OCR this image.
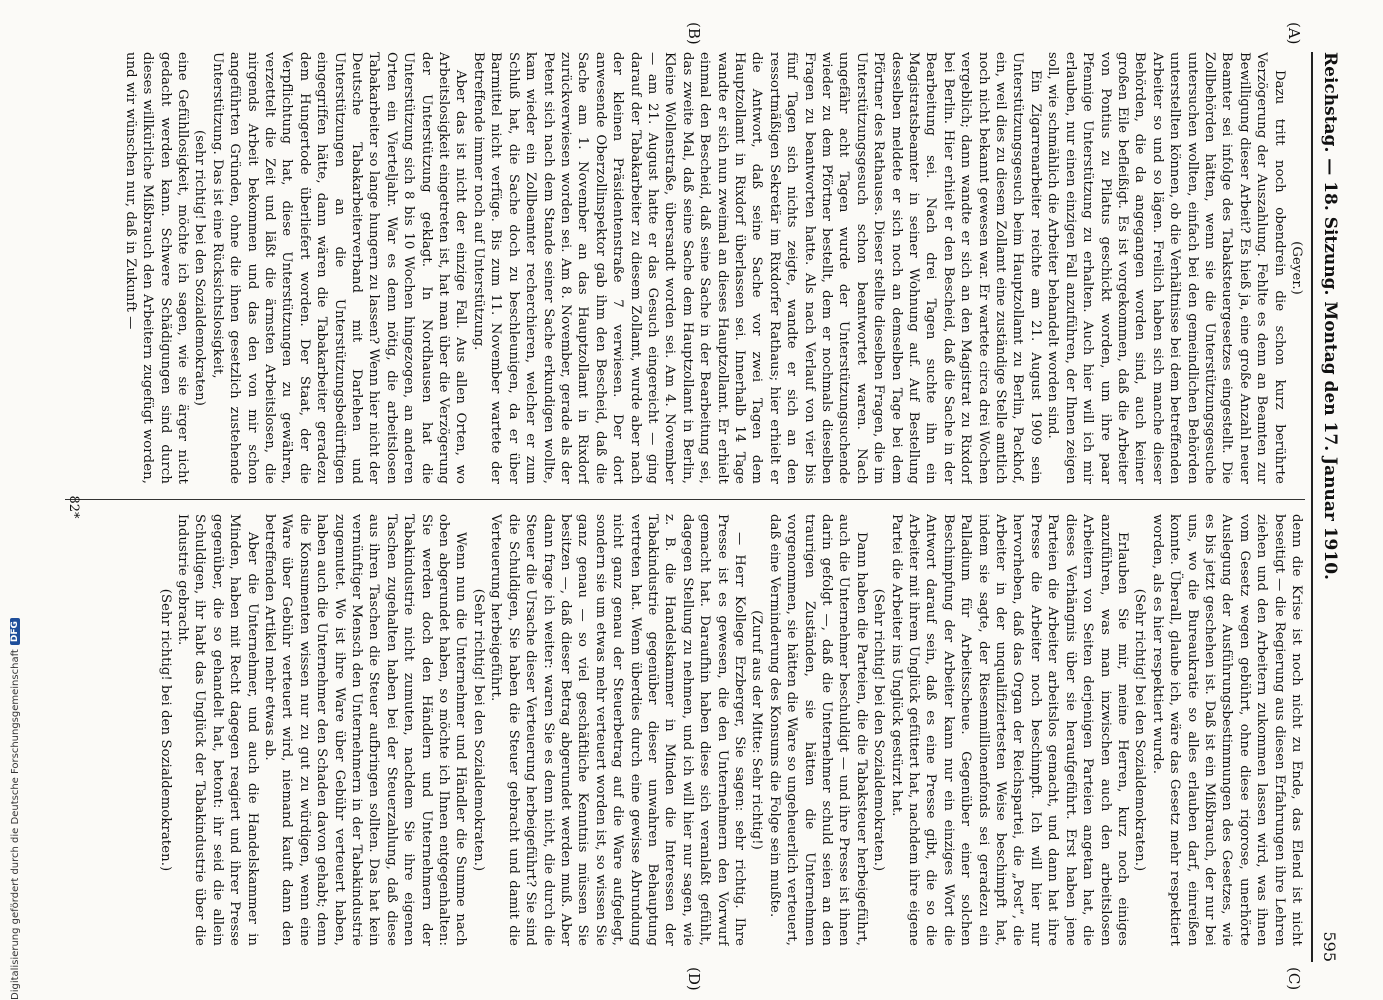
Reichstag. — 18. Sitzung. Montag den 17. Januar 1910.
595

(Geyer.)

Dazu tritt noch obendrein die schon kurz berührte Verzögerung der Auszahlung. Fehlte es denn an Beamten zur Bewilligung dieser Arbeit? Es hieß ja, eine große Anzahl neuer Beamter sei infolge des Tabaksteuergesetzes eingestellt. Die Zollbehörden hätten, wenn sie die Unterstützungsgesuche untersuchen wollten, einfach bei den gemeindlichen Behörden unterstellten können, ob die Verhältnisse bei dem betreffenden Arbeiter so und so lägen. Freilich haben sich manche dieser Behörden, die da angegangen worden sind, auch keiner großen Eile befleißigt. Es ist vorgekommen, daß die Arbeiter von Pontius zu Pilatus geschickt worden, um ihre paar Pfennige Unterstützung zu erhalten. Auch hier will ich mir erlauben, nur einen einzigen Fall anzuführen, der Ihnen zeigen soll, wie schmählich die Arbeiter behandelt worden sind.

Ein Zigarrenarbeiter reichte am 21. August 1909 sein Unterstützungsgesuch beim Hauptzollamt zu Berlin, Packhof, ein, weil dies zu diesem Zollamt eine zuständige Stelle amtlich noch nicht bekannt gewesen war. Er wartete circa drei Wochen vergeblich; dann wandte er sich an den Magistrat zu Rixdorf bei Berlin. Hier erhielt er den Bescheid, daß die Sache in der Bearbeitung sei. Nach drei Tagen suchte ihn ein Magistratsbeamter in seiner Wohnung auf. Auf Bestellung desselben meldete er sich noch an demselben Tage bei dem Pförtner des Rathauses. Dieser stellte dieselben Fragen, die im Unterstützungsgesuch schon beantwortet waren. Nach ungefähr acht Tagen wurde der Unterstützungsuchende wieder zu dem Pförtner bestellt, dem er nochmals dieselben Fragen zu beantworten hatte. Als nach Verlauf von vier bis fünf Tagen sich nichts zeigte, wandte er sich an den ressortmäßigen Sekretär im Rixdorfer Rathaus; hier erhielt er die Antwort, daß seine Sache vor zwei Tagen dem Hauptzollamt in Rixdorf überlassen sei. Innerhalb 14 Tage wandte er sich nun zweimal an dieses Hauptzollamt. Er erhielt einmal den Bescheid, daß seine Sache in der Bearbeitung sei, das zweite Mal, daß seine Sache dem Hauptzollamt in Berlin, Kleine Wollenstraße, übersandt worden sei. Am 4. November — am 21. August hatte er das Gesuch eingereicht — ging darauf der Tabakarbeiter zu diesem Zollamt, wurde aber nach der kleinen Präsidentenstraße 7 verwiesen. Der dort anwesende Oberzollinspektor gab ihm den Bescheid, daß die Sache am 1. November an das Hauptzollamt in Rixdorf zurückverwiesen worden sei. Am 8. November, gerade als der Petent sich nach dem Stande seiner Sache erkundigen wollte, kam wieder ein Zollbeamter recherchieren, welcher er zum Schluß hat, die Sache doch zu beschleunigen, da er über Barmittel nicht verfüge. Bis zum 11. November wartete der Betreffende immer noch auf Unterstützung.

Aber das ist nicht der einzige Fall. Aus allen Orten, wo Arbeitslosigkeit eingetreten ist, hat man über die Verzögerung der Unterstützung geklagt. In Nordhausen hat die Unterstützung sich 8 bis 10 Wochen hingezogen, an anderen Orten ein Vierteljahr. War es denn nötig, die arbeitslosen Tabakarbeiter so lange hungern zu lassen? Wenn hier nicht der Deutsche Tabakarbeiterverband mit Darlehen und Unterstützungen an die Unterstützungsbedürftigen eingegriffen hätte, dann wären die Tabakarbeiter geradezu dem Hungertode überliefert worden. Der Staat, der die Verpflichtung hat, diese Unterstützungen zu gewähren, verzettelt die Zeit und läßt die ärmsten Arbeitslosen, die nirgends Arbeit bekommen und das den von mir schon angeführten Gründen, ohne die ihnen gesetzlich zustehende Unterstützung. Das ist eine Rücksichtslosigkeit,

(sehr richtig! bei den Sozialdemokraten)

eine Gefühllosigkeit, möchte ich sagen, wie sie ärger nicht gedacht werden kann. Schwere Schädigungen sind durch dieses willkürliche Mißbrauch den Arbeitern zugefügt worden, und wir wünschen nur, daß in Zukunft —

denn die Krise ist noch nicht zu Ende, das Elend ist nicht beseitigt — die Regierung aus diesen Erfahrungen ihre Lehren ziehen und den Arbeitern zukommen lassen wird, was ihnen vom Gesetz wegen gebührt, ohne diese rigorose, unerhörte Auslegung der Ausführungsbestimmungen des Gesetzes, wie es bis jetzt geschehen ist. Daß ist ein Mißbrauch, der nur bei uns, wo die Bureaukratie so alles erlauben darf, einreißen konnte. Überall, glaube ich, wäre das Gesetz mehr respektiert worden, als es hier respektiert wurde.

(Sehr richtig! bei den Sozialdemokraten.)

Erlauben Sie mir, meine Herren, kurz noch einiges anzuführen, was man inzwischen auch den arbeitslosen Arbeitern von Seiten derjenigen Parteien angetan hat, die dieses Verhängnis über sie heraufgeführt. Erst haben jene Parteien die Arbeiter arbeitslos gemacht, und dann hat ihre Presse die Arbeiter noch beschimpft. Ich will hier nur hervorheben, daß das Organ der Reichspartei, die „Post“, die Arbeiter in der unqualifiziertesten Weise beschimpft hat, indem sie sagte, der Riesenmillionenfonds sei geradezu ein Palladium für Arbeitsscheue. Gegenüber einer solchen Beschimpfung der Arbeiter kann nur ein einziges Wort die Antwort darauf sein, daß es eine Presse gibt, die so die Arbeiter mit ihrem Unglück gefüttert hat, nachdem ihre eigene Partei die Arbeiter ins Unglück gestürzt hat.

(Sehr richtig! bei den Sozialdemokraten.)

Dann haben die Parteien, die die Tabaksteuer herbeigeführt, auch die Unternehmer beschuldigt — und ihre Presse ist ihnen darin gefolgt —, daß die Unternehmer schuld seien an den traurigen Zuständen, sie hätten die Unternehmen vorgenommen, sie hätten die Ware so ungeheuerlich verteuert, daß eine Verminderung des Konsums die Folge sein mußte.

(Zuruf aus der Mitte: Sehr richtig!)

— Herr Kollege Erzberger, Sie sagen: sehr richtig. Ihre Presse ist es gewesen, die den Unternehmern den Vorwurf gemacht hat. Daraufhin haben diese sich veranlaßt gefühlt, dagegen Stellung zu nehmen, und ich will hier nur sagen, wie z. B. die Handelskammer in Minden die Interessen der Tabakindustrie gegenüber dieser unwahren Behauptung vertreten hat. Wenn überdies durch eine gewisse Abrundung nicht ganz genau der Steuerbetrag auf die Ware aufgelegt, sondern sie um etwas mehr verteuert worden ist, so wissen Sie ganz genau — so viel geschäftliche Kenntnis müssen Sie besitzen —, daß dieser Betrag abgerundet werden muß. Aber dann frage ich weiter: waren Sie es denn nicht, die durch die Steuer die Ursache dieser Verteuerung herbeigeführt? Sie sind die Schuldigen, Sie haben die Steuer gebracht und damit die Verteuerung herbeigeführt.

(Sehr richtig! bei den Sozialdemokraten.)

Wenn nun die Unternehmer und Händler die Summe nach oben abgerundet haben, so möchte ich Ihnen entgegenhalten: Sie werden doch den Händlern und Unternehmern der Tabakindustrie nicht zumuten, nachdem Sie ihre eigenen Taschen zugehalten haben bei der Steuerzahlung, daß diese aus ihren Taschen die Steuer aufbringen sollten. Das hat kein vernünftiger Mensch den Unternehmern in der Tabakindustrie zugemutet. Wo ist ihre Ware über Gebühr verteuert haben, haben auch die Unternehmer den Schaden davon gehabt; denn die Konsumenten wissen nur zu gut zu würdigen, wenn eine Ware über Gebühr verteuert wird, niemand kauft dann den betreffenden Artikel mehr etwas ab.

Aber die Unternehmer, und auch die Handelskammer in Minden, haben mit Recht dagegen reagiert und ihrer Presse gegenüber, die so gehandelt hat, betont: ihr seid die allein Schuldigen, ihr habt das Unglück der Tabakindustrie über die Industrie gebracht.

(Sehr richtig! bei den Sozialdemokraten.)

(A)
(B)
(C)
(D)
82*
Digitalisierung gefördert durch die Deutsche Forschungsgemeinschaft
DFG
